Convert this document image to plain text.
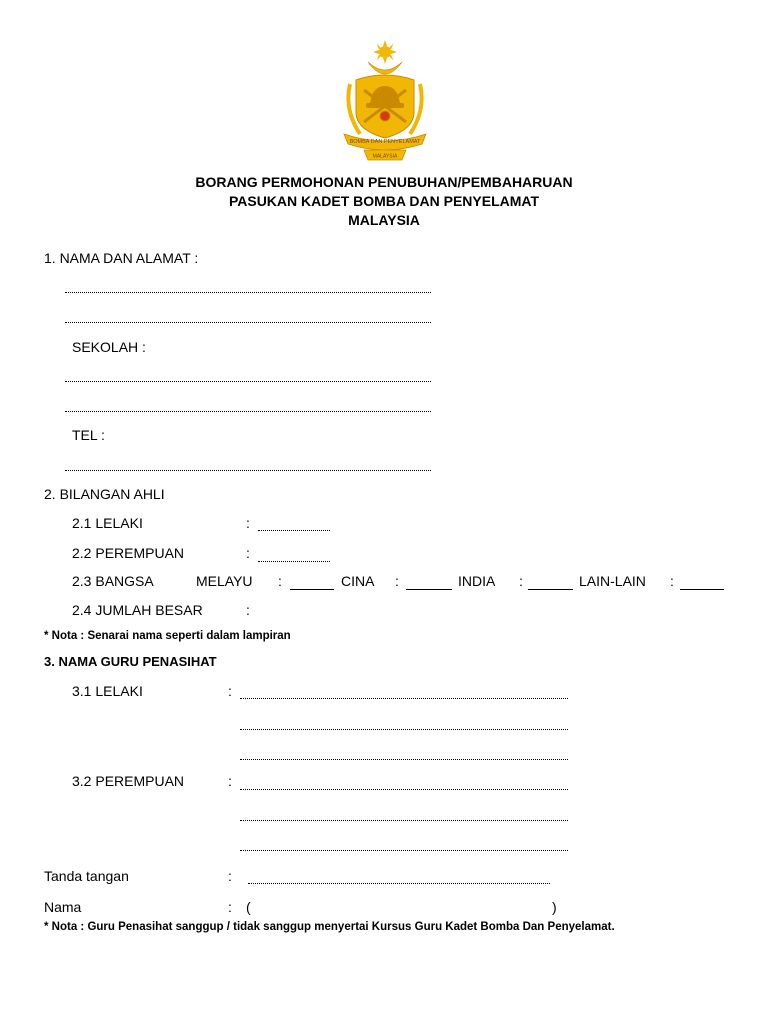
BOMBA DAN PENYELAMAT
MALAYSIA
BORANG PERMOHONAN PENUBUHAN/PEMBAHARUAN
PASUKAN KADET BOMBA DAN PENYELAMAT
MALAYSIA
1. NAMA DAN ALAMAT :
SEKOLAH :
TEL :
2. BILANGAN AHLI
2.1 LELAKI	:
2.2 PEREMPUAN	:
2.3 BANGSA	MELAYU :	CINA :	INDIA :	LAIN-LAIN :
2.4 JUMLAH BESAR	:
* Nota : Senarai nama seperti dalam lampiran
3. NAMA GURU PENASIHAT
3.1 LELAKI	:
3.2 PEREMPUAN	:
Tanda tangan	:
Nama	: (	)
* Nota : Guru Penasihat sanggup / tidak sanggup menyertai Kursus Guru Kadet Bomba Dan Penyelamat.
